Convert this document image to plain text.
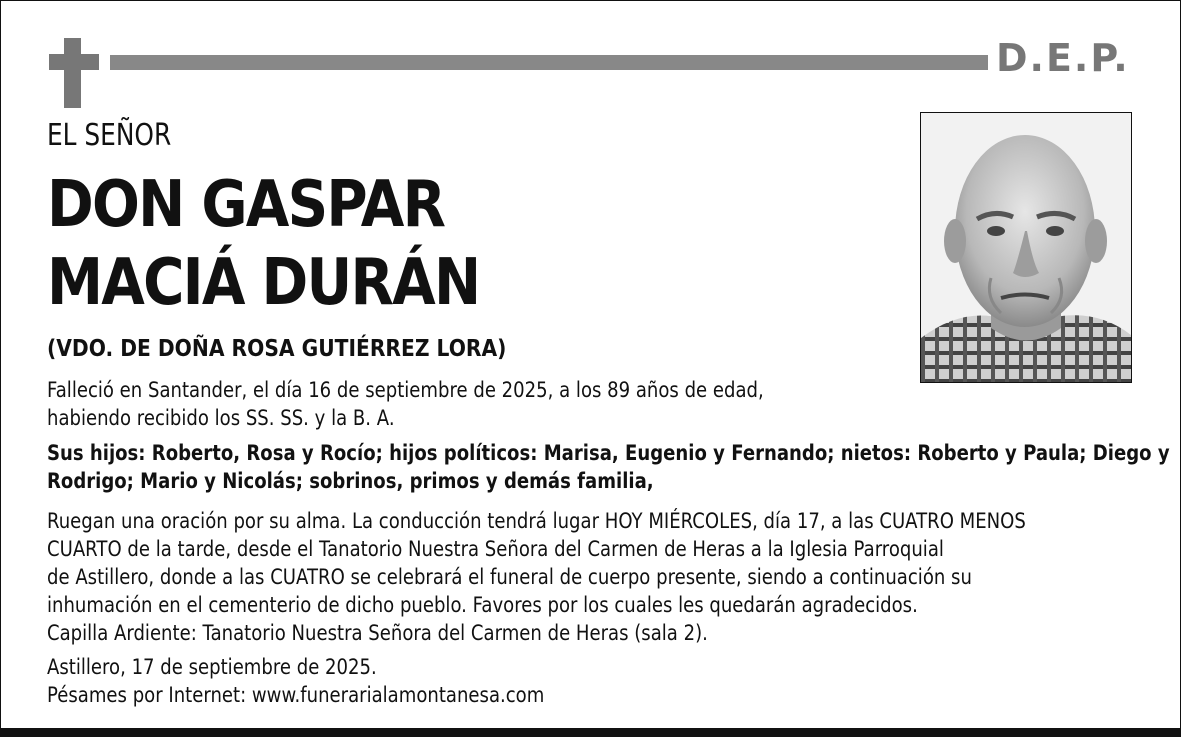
D.E.P.
EL SEÑOR
DON GASPAR
MACIÁ DURÁN
(VDO. DE DOÑA ROSA GUTIÉRREZ LORA)
Falleció en Santander, el día 16 de septiembre de 2025, a los 89 años de edad,
habiendo recibido los SS. SS. y la B. A.
Sus hijos: Roberto, Rosa y Rocío; hijos políticos: Marisa, Eugenio y Fernando; nietos: Roberto y Paula; Diego y
Rodrigo; Mario y Nicolás; sobrinos, primos y demás familia,
Ruegan una oración por su alma. La conducción tendrá lugar HOY MIÉRCOLES, día 17, a las CUATRO MENOS
CUARTO de la tarde, desde el Tanatorio Nuestra Señora del Carmen de Heras a la Iglesia Parroquial
de Astillero, donde a las CUATRO se celebrará el funeral de cuerpo presente, siendo a continuación su
inhumación en el cementerio de dicho pueblo. Favores por los cuales les quedarán agradecidos.
Capilla Ardiente: Tanatorio Nuestra Señora del Carmen de Heras (sala 2).
Astillero, 17 de septiembre de 2025.
Pésames por Internet: www.funerarialamontanesa.com
